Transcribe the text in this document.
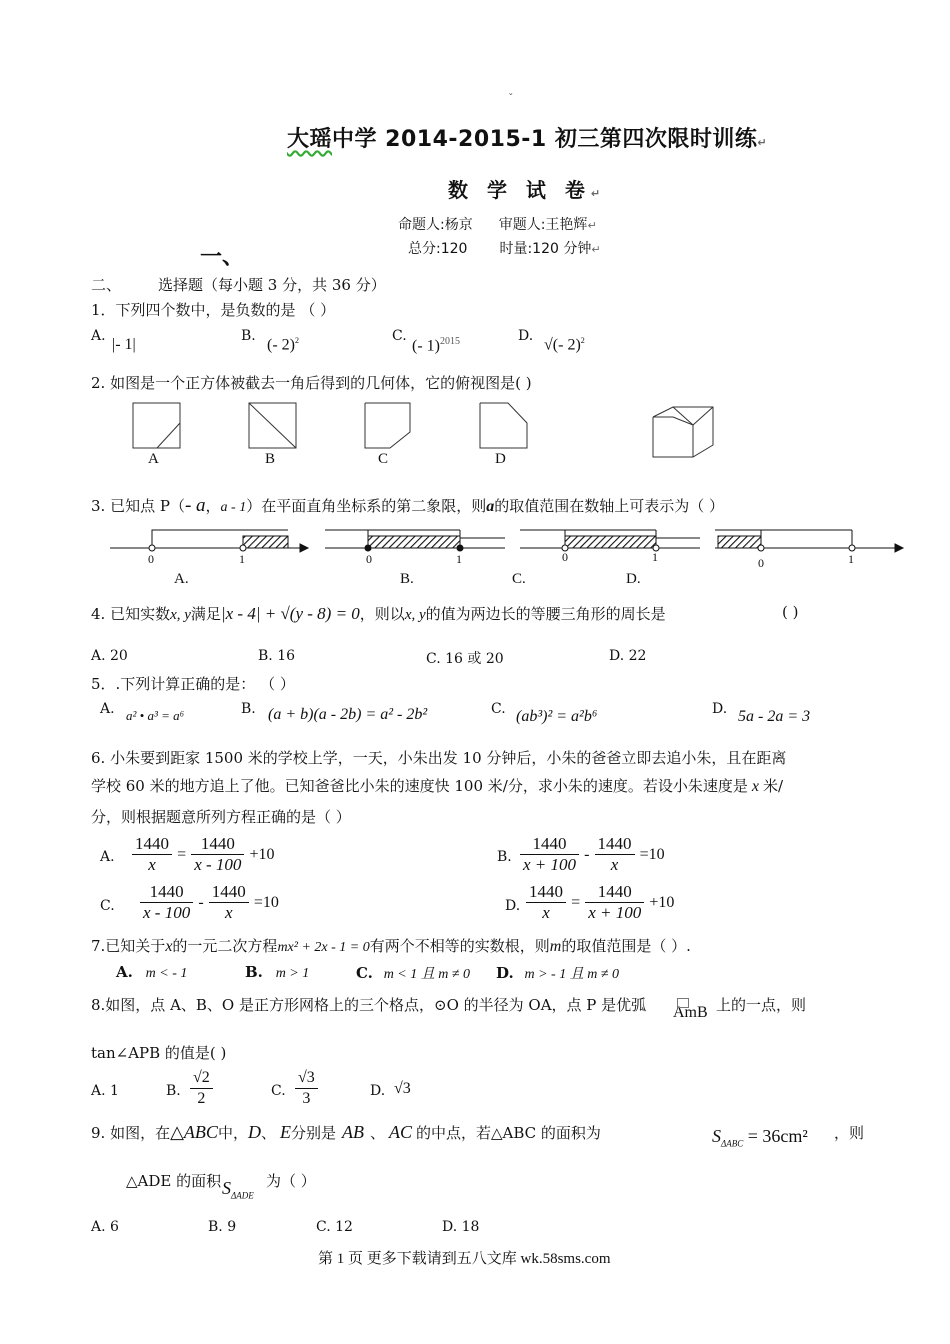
ˇ
大瑶中学 2014-2015-1 初三第四次限时训练↵
数 学 试 卷↵
命题人:杨京 审题人:王艳辉↵
总分:120 时量:120 分钟↵
一、
二、 选择题（每小题 3 分，共 36 分）
1．下列四个数中，是负数的是 （ ）
A. |- 1|	B.
(- 2)$^2$	C.
(- 1)$^{2015}$	D.
√(- 2)$^2$
2. 如图是一个正方体被截去一角后得到的几何体，它的俯视图是( )
A	B	C	D
3. 已知点 P（- a，a - 1）在平面直角坐标系的第二象限，则a的取值范围在数轴上可表示为（ ）
0	1	0	1	0	1	0	1
A.	B.	C.	D.
4. 已知实数x, y满足|x - 4| + √(y - 8) = 0，则以x, y的值为两边长的等腰三角形的周长是	( )
A. 20	B. 16	C. 16 或 20	D. 22
5．.下列计算正确的是： （ ）
A. a² • a³ = a⁶	B. (a + b)(a - 2b) = a² - 2b²	C. (ab³)² = a²b⁶	D. 5a - 2a = 3
6. 小朱要到距家 1500 米的学校上学，一天，小朱出发 10 分钟后，小朱的爸爸立即去追小朱，且在距离
学校 60 米的地方追上了他。已知爸爸比小朱的速度快 100 米/分，求小朱的速度。若设小朱速度是 x 米/
分，则根据题意所列方程正确的是（ ）
A. $\frac{1440}{x} = \frac{1440}{x - 100} +10$	B. $\frac{1440}{x + 100} - \frac{1440}{x} =10$
C. $\frac{1440}{x - 100} - \frac{1440}{x} =10$	D. $\frac{1440}{x} = \frac{1440}{x + 100} +10$
7.已知关于x的一元二次方程mx² + 2x - 1 = 0有两个不相等的实数根，则m的取值范围是（ ）.
A. m < - 1	B. m > 1	C. m < 1 且 m ≠ 0 D. m > - 1 且 m ≠ 0
8.如图，点 A、B、O 是正方形网格上的三个格点，⊙O 的半径为 OA，点 P 是优弧 AmB 上的一点，则
tan∠APB 的值是( )
A. 1	B. $\frac{√2}{2}$	C. $\frac{√3}{3}$	D. √3
9. 如图，在△ABC中，D、 E分别是 AB 、 AC 的中点，若△ABC 的面积为	$S_{\Delta ABC} = 36cm^2$ ，则
△ADE 的面积 $S_{\Delta ADE}$
为（ ）
A. 6	B. 9	C. 12	D. 18
第 1 页 更多下载请到五八文库 wk.58sms.com
